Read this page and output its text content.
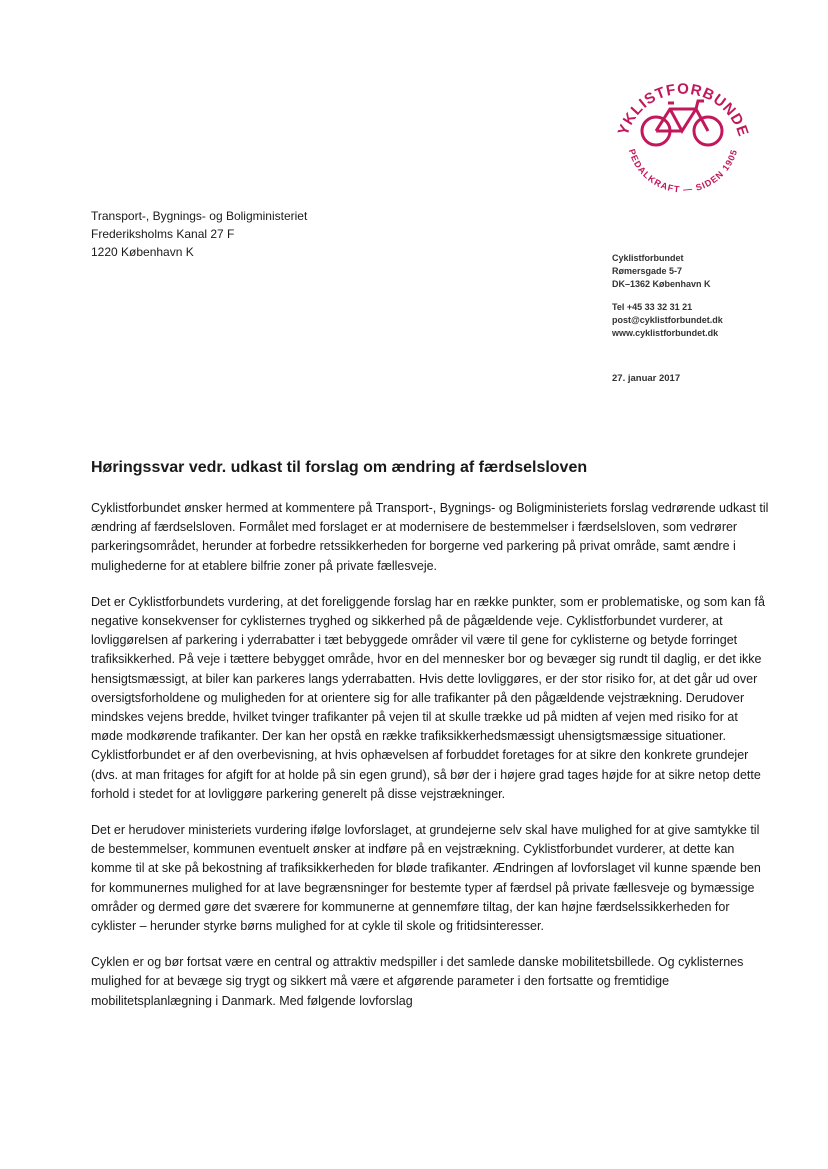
YKLISTFORBUNDE
PEDALKRAFT — SIDEN 1905
Transport-, Bygnings- og Boligministeriet
Frederiksholms Kanal 27 F
1220 København K	Cyklistforbundet
Rømersgade 5-7
DK–1362 København K
Tel +45 33 32 31 21
post@cyklistforbundet.dk
www.cyklistforbundet.dk
27. januar 2017
Høringssvar vedr. udkast til forslag om ændring af færdselsloven

Cyklistforbundet ønsker hermed at kommentere på Transport-, Bygnings- og Boligministeriets forslag vedrørende udkast til ændring af færdselsloven. Formålet med forslaget er at modernisere de bestemmelser i færdselsloven, som vedrører parkeringsområdet, herunder at forbedre retssikkerheden for borgerne ved parkering på privat område, samt ændre i mulighederne for at etablere bilfrie zoner på private fællesveje.

Det er Cyklistforbundets vurdering, at det foreliggende forslag har en række punkter, som er problematiske, og som kan få negative konsekvenser for cyklisternes tryghed og sikkerhed på de pågældende veje. Cyklistforbundet vurderer, at lovliggørelsen af parkering i yderrabatter i tæt bebyggede områder vil være til gene for cyklisterne og betyde forringet trafiksikkerhed. På veje i tættere bebygget område, hvor en del mennesker bor og bevæger sig rundt til daglig, er det ikke hensigtsmæssigt, at biler kan parkeres langs yderrabatten. Hvis dette lovliggøres, er der stor risiko for, at det går ud over oversigtsforholdene og muligheden for at orientere sig for alle trafikanter på den pågældende vejstrækning. Derudover mindskes vejens bredde, hvilket tvinger trafikanter på vejen til at skulle trække ud på midten af vejen med risiko for at møde modkørende trafikanter. Der kan her opstå en række trafiksikkerhedsmæssigt uhensigtsmæssige situationer. Cyklistforbundet er af den overbevisning, at hvis ophævelsen af forbuddet foretages for at sikre den konkrete grundejer (dvs. at man fritages for afgift for at holde på sin egen grund), så bør der i højere grad tages højde for at sikre netop dette forhold i stedet for at lovliggøre parkering generelt på disse vejstrækninger.

Det er herudover ministeriets vurdering ifølge lovforslaget, at grundejerne selv skal have mulighed for at give samtykke til de bestemmelser, kommunen eventuelt ønsker at indføre på en vejstrækning. Cyklistforbundet vurderer, at dette kan komme til at ske på bekostning af trafiksikkerheden for bløde trafikanter. Ændringen af lovforslaget vil kunne spænde ben for kommunernes mulighed for at lave begrænsninger for bestemte typer af færdsel på private fællesveje og bymæssige områder og dermed gøre det sværere for kommunerne at gennemføre tiltag, der kan højne færdselssikkerheden for cyklister – herunder styrke børns mulighed for at cykle til skole og fritidsinteresser.

Cyklen er og bør fortsat være en central og attraktiv medspiller i det samlede danske mobilitetsbillede. Og cyklisternes mulighed for at bevæge sig trygt og sikkert må være et afgørende parameter i den fortsatte og fremtidige mobilitetsplanlægning i Danmark. Med følgende lovforslag
